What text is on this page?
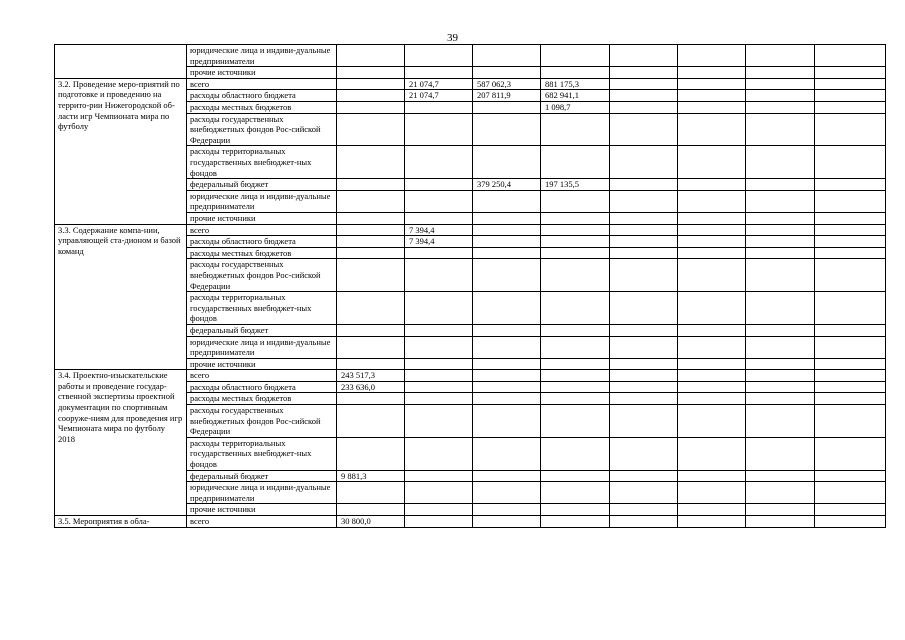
39
	юридические лица и индиви-дуальные предприниматели								
	прочие источники								
3.2. Проведение меро-приятий по подготовке и проведению на террито-рии Нижегородской об-ласти игр Чемпионата мира по футболу	всего		21 074,7	587 062,3	881 175,3				
	расходы областного бюджета		21 074,7	207 811,9	682 941,1				
	расходы местных бюджетов				1 098,7				
	расходы государственных внебюджетных фондов Рос-сийской Федерации								
	расходы территориальных государственных внебюджет-ных фондов								
	федеральный бюджет			379 250,4	197 135,5				
	юридические лица и индиви-дуальные предприниматели								
	прочие источники								
3.3. Содержание компа-нии, управляющей ста-дионом и базой команд	всего		7 394,4						
	расходы областного бюджета		7 394,4						
	расходы местных бюджетов								
	расходы государственных внебюджетных фондов Рос-сийской Федерации								
	расходы территориальных государственных внебюджет-ных фондов								
	федеральный бюджет								
	юридические лица и индиви-дуальные предприниматели								
	прочие источники								
3.4. Проектно-изыскательские работы и проведение государ-ственной экспертизы проектной документации по спортивным сооруже-ниям для проведения игр Чемпионата мира по футболу 2018	всего	243 517,3							
	расходы областного бюджета	233 636,0							
	расходы местных бюджетов								
	расходы государственных внебюджетных фондов Рос-сийской Федерации								
	расходы территориальных государственных внебюджет-ных фондов								
	федеральный бюджет	9 881,3							
	юридические лица и индиви-дуальные предприниматели								
	прочие источники								
3.5. Мероприятия в обла-	всего	30 800,0							
